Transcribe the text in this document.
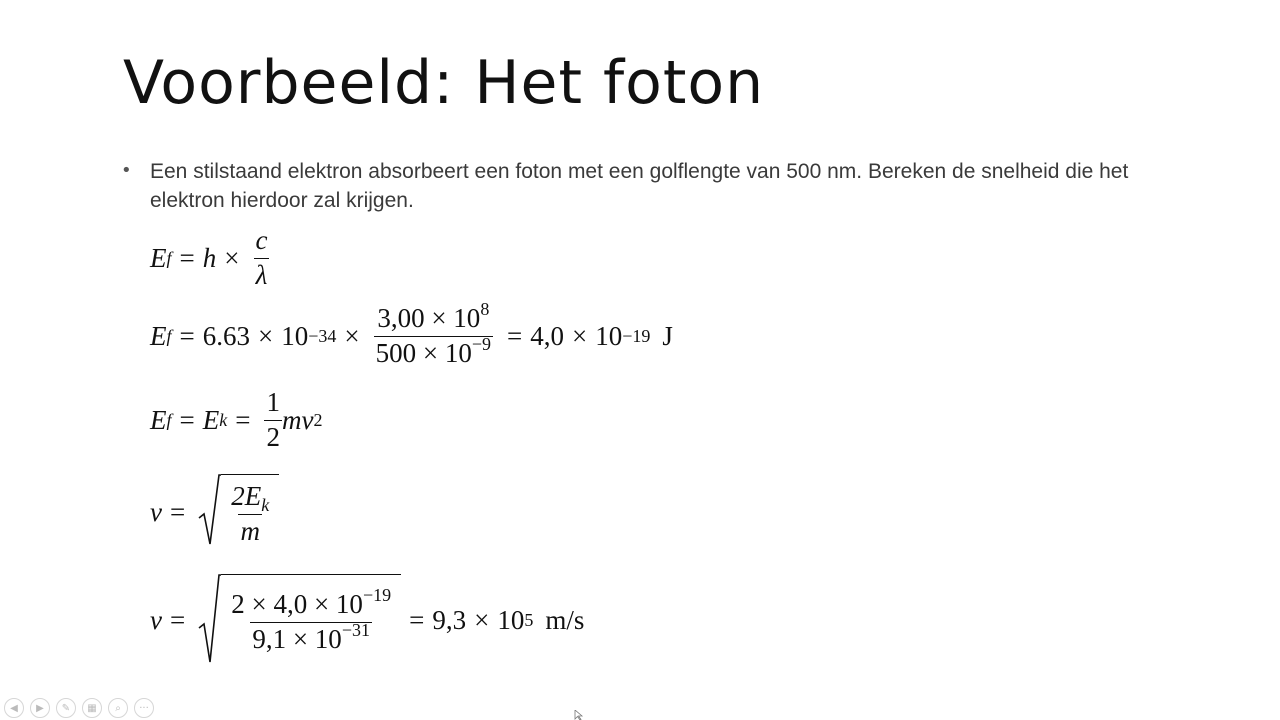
Voorbeeld: Het foton
• Een stilstaand elektron absorbeert een foton met een golflengte van 500 nm. Bereken de snelheid die het elektron hierdoor zal krijgen.
E $f = h \times \frac{c}{\lambda}$
E $f = 6.63 \times 10 -34 \times \frac{3,00 \times 10^8}{500 \times 10^{-9}} = 4,0 \times 10 -19$ J
E f = E $k = \frac{1}{2}$ mv 2
$v = \frac{2E_k}{m}$
$v = \frac{2 \times 4,0 \times 10^{-19}}{9,1 \times 10^{-31}} = 9,3 \times 10$ 5 m/s
◀	▶	✎	▦	⌕	···
